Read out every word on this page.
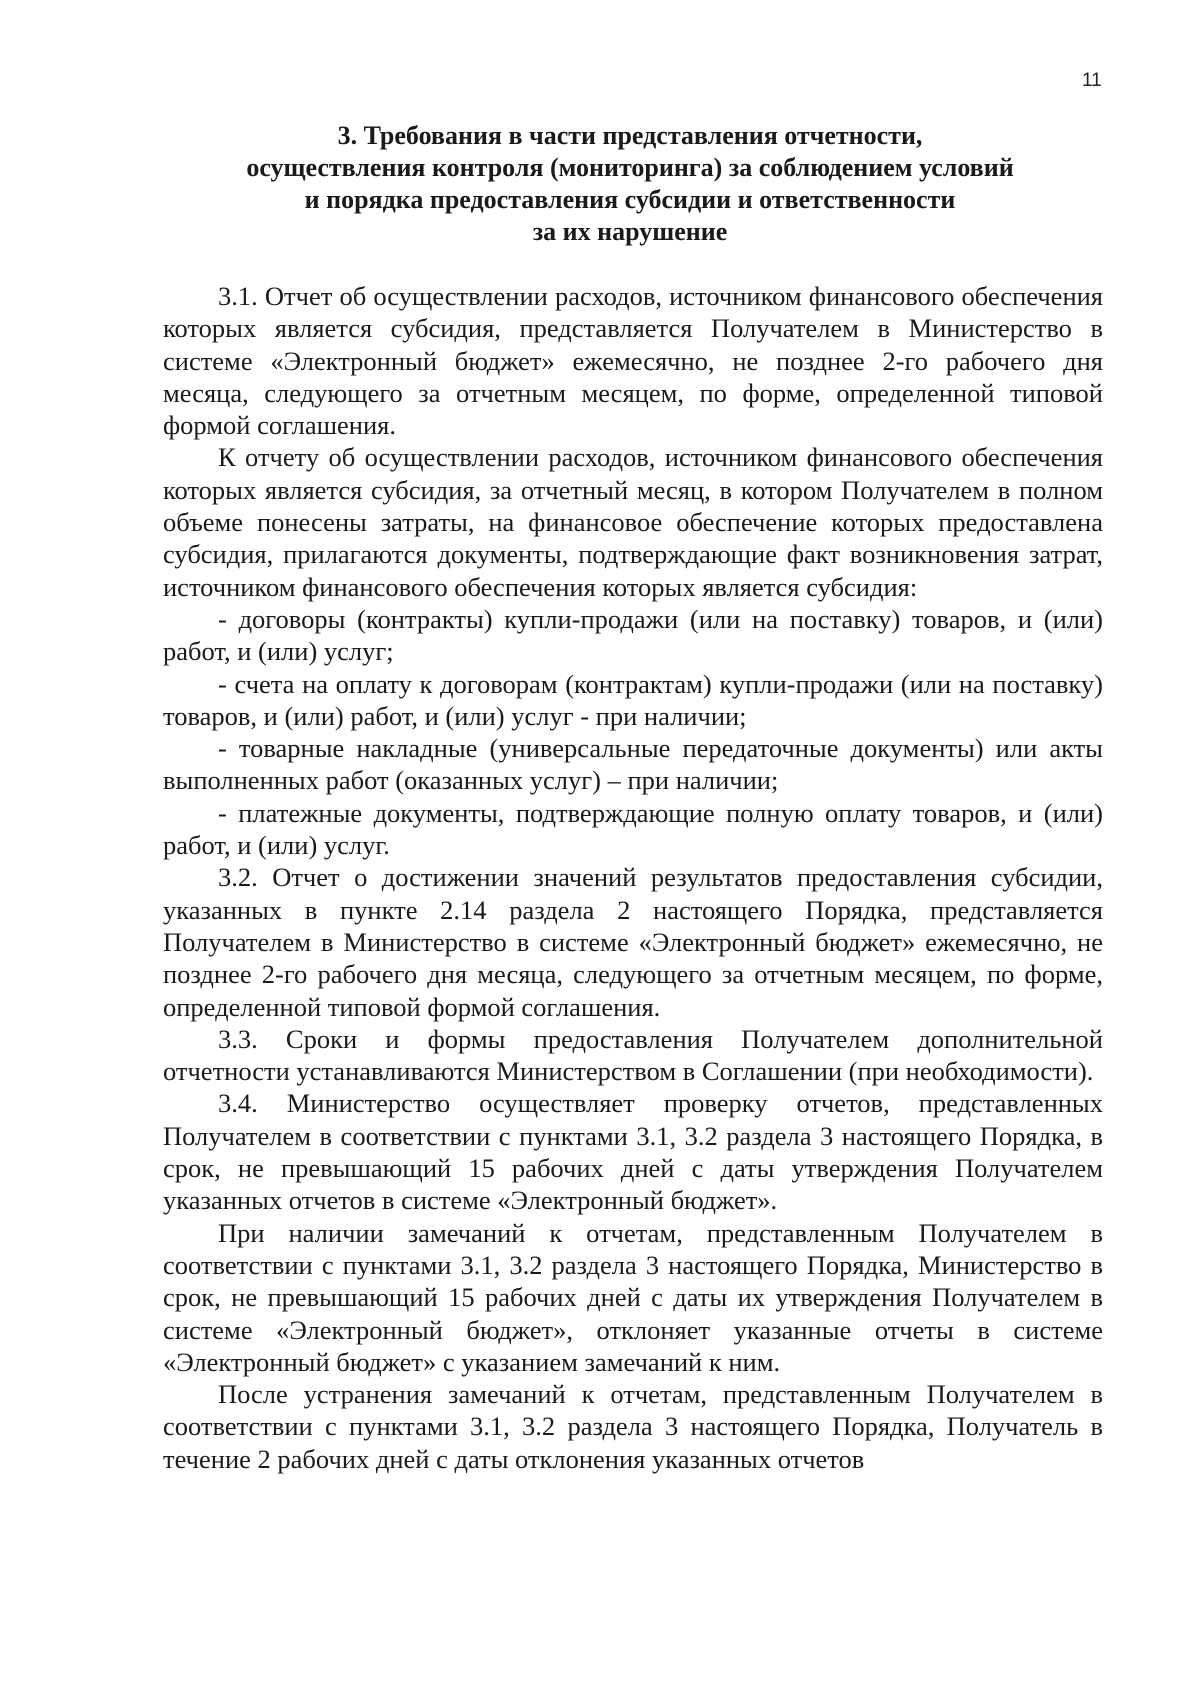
11
3. Требования в части представления отчетности,
осуществления контроля (мониторинга) за соблюдением условий
и порядка предоставления субсидии и ответственности
за их нарушение

3.1. Отчет об осуществлении расходов, источником финансового обеспечения которых является субсидия, представляется Получателем в Министерство в системе «Электронный бюджет» ежемесячно, не позднее 2-го рабочего дня месяца, следующего за отчетным месяцем, по форме, определенной типовой формой соглашения.

К отчету об осуществлении расходов, источником финансового обеспечения которых является субсидия, за отчетный месяц, в котором Получателем в полном объеме понесены затраты, на финансовое обеспечение которых предоставлена субсидия, прилагаются документы, подтверждающие факт возникновения затрат, источником финансового обеспечения которых является субсидия:

- договоры (контракты) купли-продажи (или на поставку) товаров, и (или) работ, и (или) услуг;

- счета на оплату к договорам (контрактам) купли-продажи (или на поставку) товаров, и (или) работ, и (или) услуг - при наличии;

- товарные накладные (универсальные передаточные документы) или акты выполненных работ (оказанных услуг) – при наличии;

- платежные документы, подтверждающие полную оплату товаров, и (или) работ, и (или) услуг.

3.2. Отчет о достижении значений результатов предоставления субсидии, указанных в пункте 2.14 раздела 2 настоящего Порядка, представляется Получателем в Министерство в системе «Электронный бюджет» ежемесячно, не позднее 2-го рабочего дня месяца, следующего за отчетным месяцем, по форме, определенной типовой формой соглашения.

3.3. Сроки и формы предоставления Получателем дополнительной отчетности устанавливаются Министерством в Соглашении (при необходимости).

3.4. Министерство осуществляет проверку отчетов, представленных Получателем в соответствии с пунктами 3.1, 3.2 раздела 3 настоящего Порядка, в срок, не превышающий 15 рабочих дней с даты утверждения Получателем указанных отчетов в системе «Электронный бюджет».

При наличии замечаний к отчетам, представленным Получателем в соответствии с пунктами 3.1, 3.2 раздела 3 настоящего Порядка, Министерство в срок, не превышающий 15 рабочих дней с даты их утверждения Получателем в системе «Электронный бюджет», отклоняет указанные отчеты в системе «Электронный бюджет» с указанием замечаний к ним.

После устранения замечаний к отчетам, представленным Получателем в соответствии с пунктами 3.1, 3.2 раздела 3 настоящего Порядка, Получатель в течение 2 рабочих дней с даты отклонения указанных отчетов
